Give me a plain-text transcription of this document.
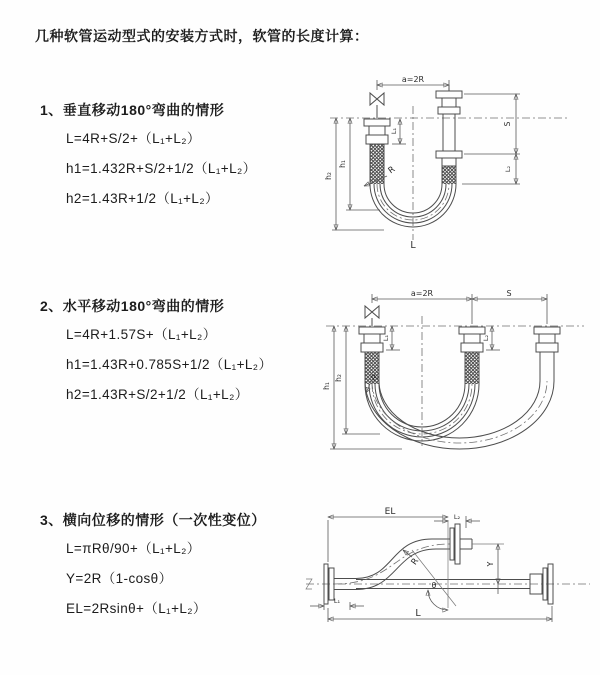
几种软管运动型式的安装方式时，软管的长度计算：
1、垂直移动180°弯曲的情形
L=4R+S/2+（L₁+L₂）
h1=1.432R+S/2+1/2（L₁+L₂）
h2=1.43R+1/2（L₁+L₂）
a=2R
S
L₂
L₁
h₁
h₂	R
L
2、水平移动180°弯曲的情形
L=4R+1.57S+（L₁+L₂）
h1=1.43R+0.785S+1/2（L₁+L₂）
h2=1.43R+S/2+1/2（L₁+L₂）
a=2R	S
h₁
h₂
L₁	L₂
R
3、横向位移的情形（一次性变位）
L=πRθ/90+（L₁+L₂）
Y=2R（1-cosθ）
EL=2Rsinθ+（L₁+L₂）
EL	L₂
Y
θ
R
L
L₁
